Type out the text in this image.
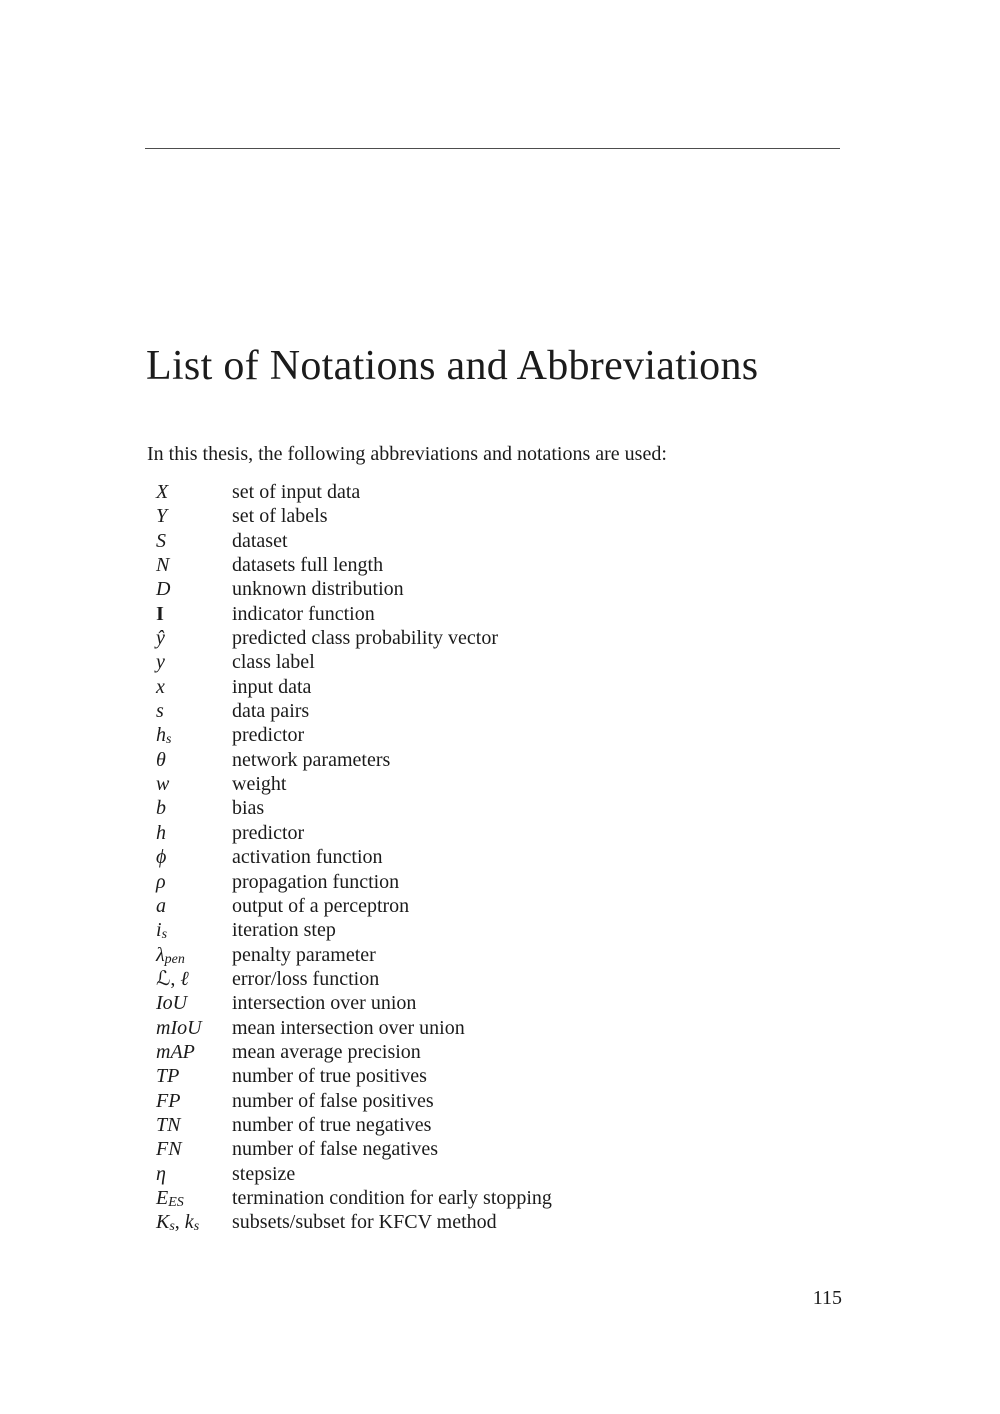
List of Notations and Abbreviations

In this thesis, the following abbreviations and notations are used:

X	set of input data
Y	set of labels
S	dataset
N	datasets full length
D	unknown distribution
I	indicator function
ŷ	predicted class probability vector
y	class label
x	input data
s	data pairs
hs	predictor
θ	network parameters
w	weight
b	bias
h	predictor
ϕ	activation function
ρ	propagation function
a	output of a perceptron
is	iteration step
λpen	penalty parameter
ℒ, ℓ	error/loss function
IoU	intersection over union
mIoU	mean intersection over union
mAP	mean average precision
TP	number of true positives
FP	number of false positives
TN	number of true negatives
FN	number of false negatives
η	stepsize
EES	termination condition for early stopping
Ks, ks	subsets/subset for KFCV method
115
